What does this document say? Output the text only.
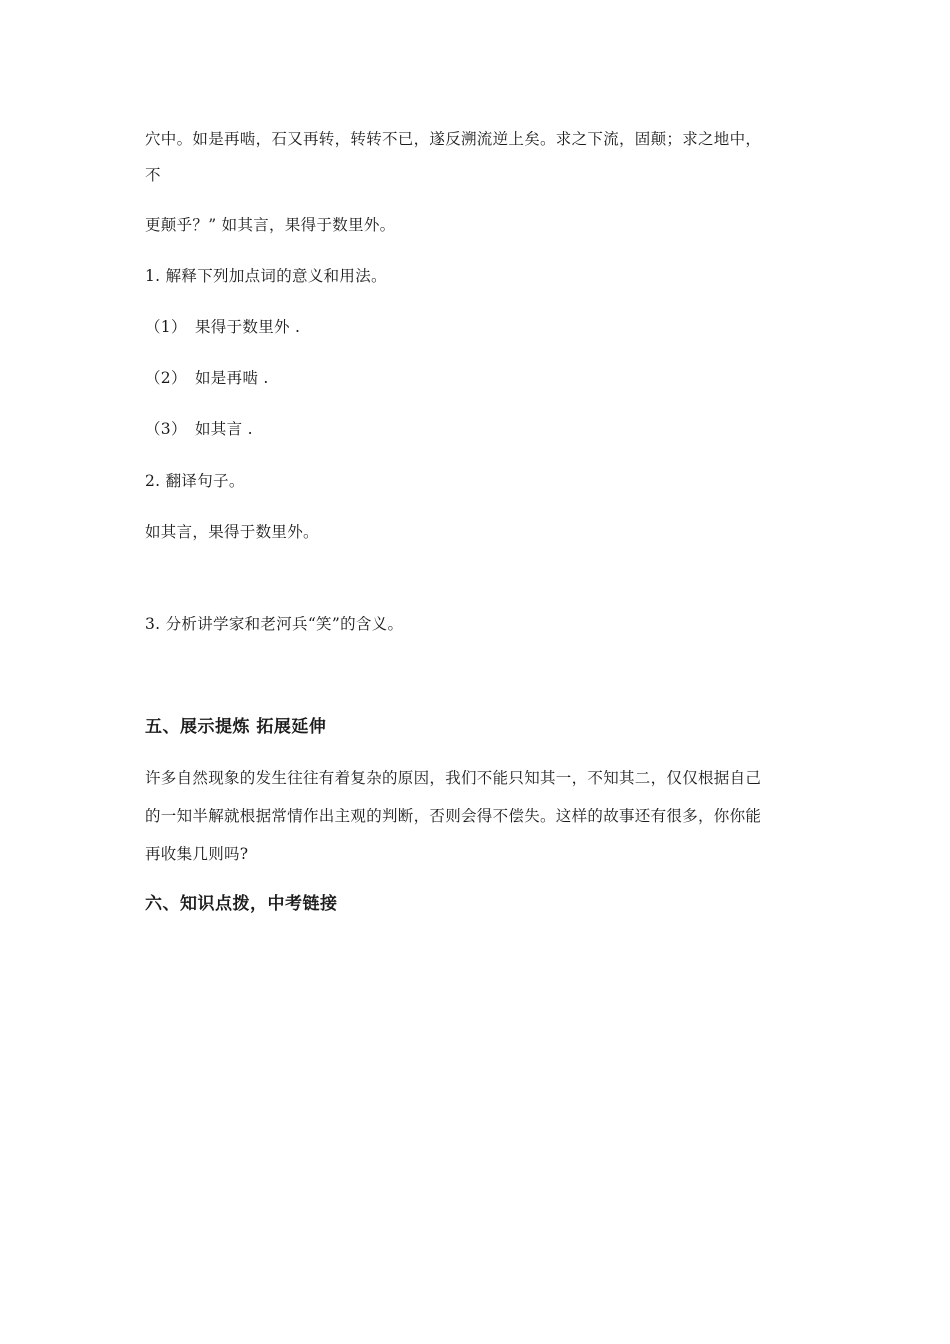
穴中。如是再啮，石又再转，转转不已，遂反溯流逆上矣。求之下流，固颠；求之地中，
不
更颠乎？” 如其言，果得于数里外。
1. 解释下列加点词的意义和用法。
（1） 果得于数里外 .
（2） 如是再啮 .
（3） 如其言 .
2. 翻译句子。
如其言，果得于数里外。
3. 分析讲学家和老河兵“笑”的含义。
五、展示提炼 拓展延伸
许多自然现象的发生往往有着复杂的原因，我们不能只知其一，不知其二，仅仅根据自己
的一知半解就根据常情作出主观的判断，否则会得不偿失。这样的故事还有很多，你你能
再收集几则吗?
六、知识点拨，中考链接
